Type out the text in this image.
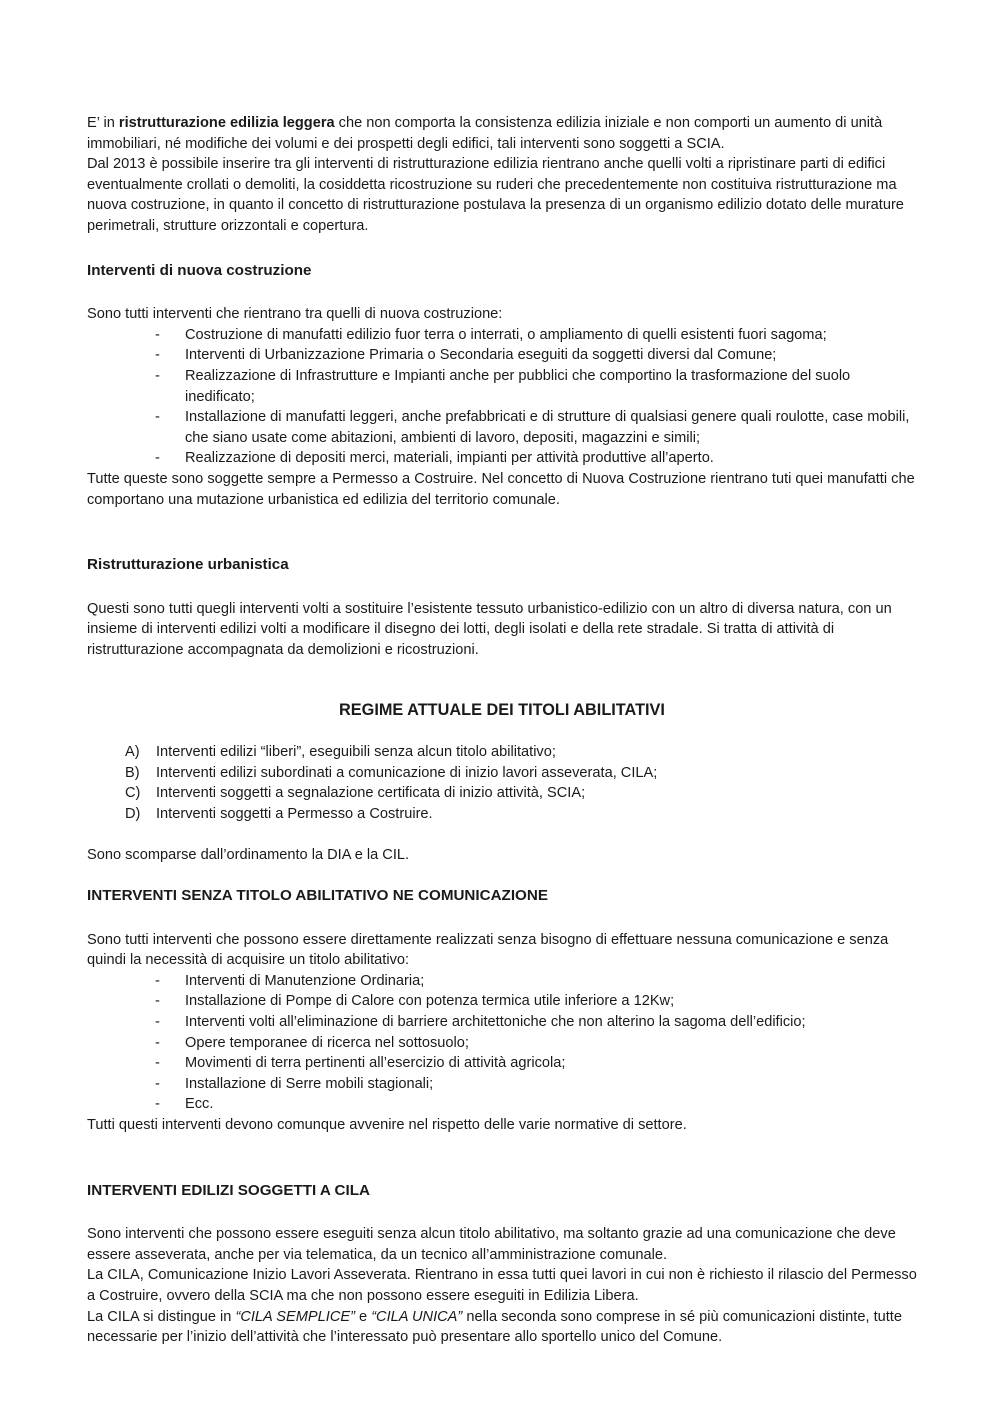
E’ in ristrutturazione edilizia leggera che non comporta la consistenza edilizia iniziale e non comporti un aumento di unità immobiliari, né modifiche dei volumi e dei prospetti degli edifici, tali interventi sono soggetti a SCIA.

Dal 2013 è possibile inserire tra gli interventi di ristrutturazione edilizia rientrano anche quelli volti a ripristinare parti di edifici eventualmente crollati o demoliti, la cosiddetta ricostruzione su ruderi che precedentemente non costituiva ristrutturazione ma nuova costruzione, in quanto il concetto di ristrutturazione postulava la presenza di un organismo edilizio dotato delle murature perimetrali, strutture orizzontali e copertura.

Interventi di nuova costruzione

Sono tutti interventi che rientrano tra quelli di nuova costruzione:

- Costruzione di manufatti edilizio fuor terra o interrati, o ampliamento di quelli esistenti fuori sagoma;
- Interventi di Urbanizzazione Primaria o Secondaria eseguiti da soggetti diversi dal Comune;
- Realizzazione di Infrastrutture e Impianti anche per pubblici che comportino la trasformazione del suolo inedificato;
- Installazione di manufatti leggeri, anche prefabbricati e di strutture di qualsiasi genere quali roulotte, case mobili, che siano usate come abitazioni, ambienti di lavoro, depositi, magazzini e simili;
- Realizzazione di depositi merci, materiali, impianti per attività produttive all’aperto.

Tutte queste sono soggette sempre a Permesso a Costruire. Nel concetto di Nuova Costruzione rientrano tuti quei manufatti che comportano una mutazione urbanistica ed edilizia del territorio comunale.

Ristrutturazione urbanistica

Questi sono tutti quegli interventi volti a sostituire l’esistente tessuto urbanistico-edilizio con un altro di diversa natura, con un insieme di interventi edilizi volti a modificare il disegno dei lotti, degli isolati e della rete stradale. Si tratta di attività di ristrutturazione accompagnata da demolizioni e ricostruzioni.

REGIME ATTUALE DEI TITOLI ABILITATIVI

A) Interventi edilizi “liberi”, eseguibili senza alcun titolo abilitativo;
B) Interventi edilizi subordinati a comunicazione di inizio lavori asseverata, CILA;
C) Interventi soggetti a segnalazione certificata di inizio attività, SCIA;
D) Interventi soggetti a Permesso a Costruire.

Sono scomparse dall’ordinamento la DIA e la CIL.

INTERVENTI SENZA TITOLO ABILITATIVO NE COMUNICAZIONE

Sono tutti interventi che possono essere direttamente realizzati senza bisogno di effettuare nessuna comunicazione e senza quindi la necessità di acquisire un titolo abilitativo:

- Interventi di Manutenzione Ordinaria;
- Installazione di Pompe di Calore con potenza termica utile inferiore a 12Kw;
- Interventi volti all’eliminazione di barriere architettoniche che non alterino la sagoma dell’edificio;
- Opere temporanee di ricerca nel sottosuolo;
- Movimenti di terra pertinenti all’esercizio di attività agricola;
- Installazione di Serre mobili stagionali;
- Ecc.

Tutti questi interventi devono comunque avvenire nel rispetto delle varie normative di settore.

INTERVENTI EDILIZI SOGGETTI A CILA

Sono interventi che possono essere eseguiti senza alcun titolo abilitativo, ma soltanto grazie ad una comunicazione che deve essere asseverata, anche per via telematica, da un tecnico all’amministrazione comunale.

La CILA, Comunicazione Inizio Lavori Asseverata. Rientrano in essa tutti quei lavori in cui non è richiesto il rilascio del Permesso a Costruire, ovvero della SCIA ma che non possono essere eseguiti in Edilizia Libera.

La CILA si distingue in “CILA SEMPLICE” e “CILA UNICA” nella seconda sono comprese in sé più comunicazioni distinte, tutte necessarie per l’inizio dell’attività che l’interessato può presentare allo sportello unico del Comune.
